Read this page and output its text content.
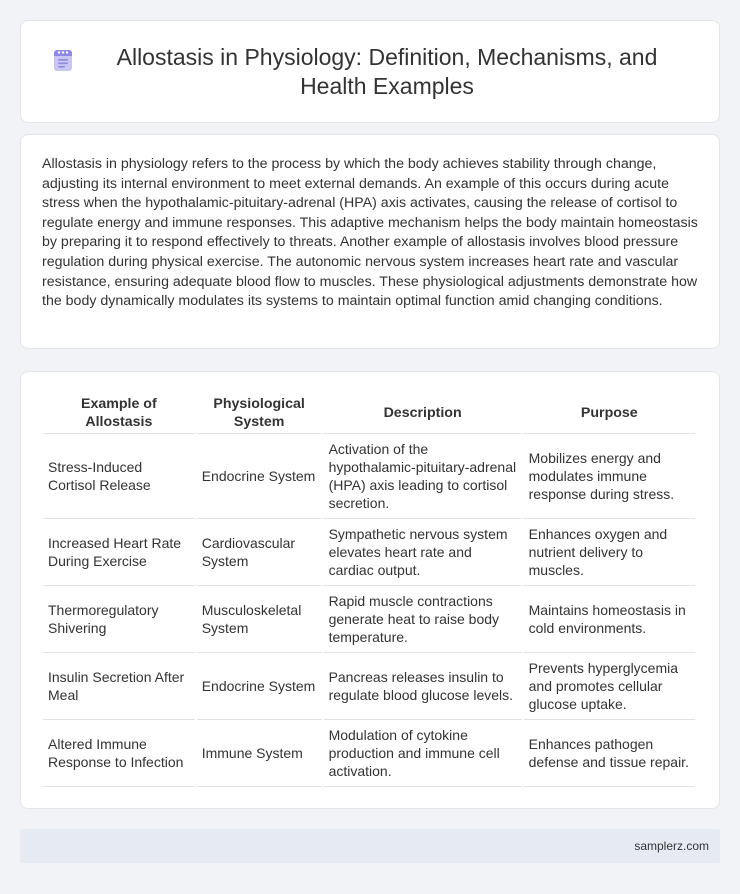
Allostasis in Physiology: Definition, Mechanisms, and Health Examples

Allostasis in physiology refers to the process by which the body achieves stability through change, adjusting its internal environment to meet external demands. An example of this occurs during acute stress when the hypothalamic-pituitary-adrenal (HPA) axis activates, causing the release of cortisol to regulate energy and immune responses. This adaptive mechanism helps the body maintain homeostasis by preparing it to respond effectively to threats. Another example of allostasis involves blood pressure regulation during physical exercise. The autonomic nervous system increases heart rate and vascular resistance, ensuring adequate blood flow to muscles. These physiological adjustments demonstrate how the body dynamically modulates its systems to maintain optimal function amid changing conditions.

Example of Allostasis	Physiological System	Description	Purpose
Stress-Induced Cortisol Release	Endocrine System	Activation of the hypothalamic-pituitary-adrenal (HPA) axis leading to cortisol secretion.	Mobilizes energy and modulates immune response during stress.
Increased Heart Rate During Exercise	Cardiovascular System	Sympathetic nervous system elevates heart rate and cardiac output.	Enhances oxygen and nutrient delivery to muscles.
Thermoregulatory Shivering	Musculoskeletal System	Rapid muscle contractions generate heat to raise body temperature.	Maintains homeostasis in cold environments.
Insulin Secretion After Meal	Endocrine System	Pancreas releases insulin to regulate blood glucose levels.	Prevents hyperglycemia and promotes cellular glucose uptake.
Altered Immune Response to Infection	Immune System	Modulation of cytokine production and immune cell activation.	Enhances pathogen defense and tissue repair.
samplerz.com
